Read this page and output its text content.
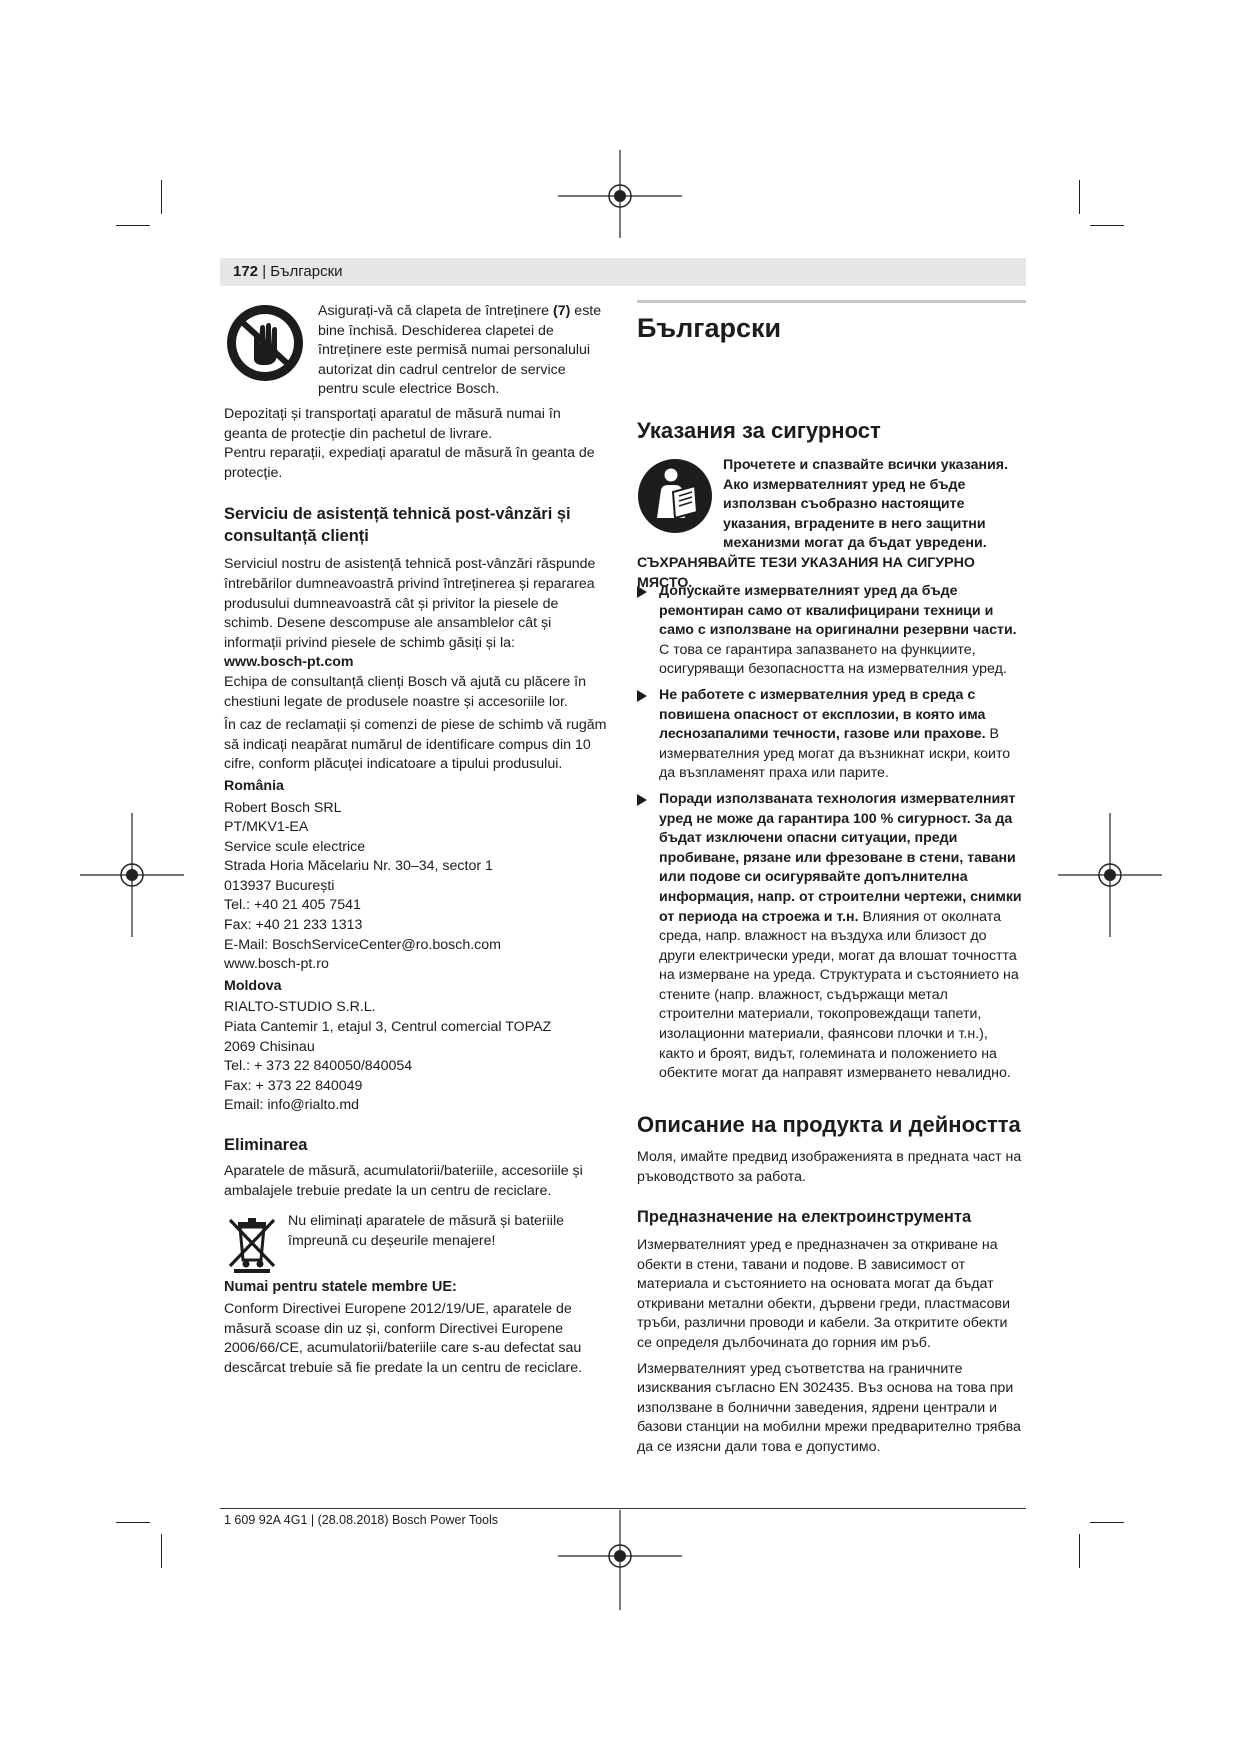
172 | Български
Asigurați-vă că clapeta de întreținere (7) este bine închisă. Deschiderea clapetei de întreținere este permisă numai personalului autorizat din cadrul centrelor de service pentru scule electrice Bosch.

Depozitați și transportați aparatul de măsură numai în geanta de protecție din pachetul de livrare.

Pentru reparații, expediați aparatul de măsură în geanta de protecție.

Serviciu de asistență tehnică post-vânzări și consultanță clienți

Serviciul nostru de asistență tehnică post-vânzări răspunde întrebărilor dumneavoastră privind întreținerea și repararea produsului dumneavoastră cât și privitor la piesele de schimb. Desene descompuse ale ansamblelor cât și informații privind piesele de schimb găsiți și la:

www.bosch-pt.com

Echipa de consultanță clienți Bosch vă ajută cu plăcere în chestiuni legate de produsele noastre și accesoriile lor.

În caz de reclamații și comenzi de piese de schimb vă rugăm să indicați neapărat numărul de identificare compus din 10 cifre, conform plăcuței indicatoare a tipului produsului.

România

Robert Bosch SRL

PT/MKV1-EA

Service scule electrice

Strada Horia Măcelariu Nr. 30–34, sector 1

013937 București

Tel.: +40 21 405 7541

Fax: +40 21 233 1313

E-Mail: BoschServiceCenter@ro.bosch.com

www.bosch-pt.ro

Moldova

RIALTO-STUDIO S.R.L.

Piata Cantemir 1, etajul 3, Centrul comercial TOPAZ

2069 Chisinau

Tel.: + 373 22 840050/840054

Fax: + 373 22 840049

Email: info@rialto.md

Eliminarea

Aparatele de măsură, acumulatorii/bateriile, accesoriile și ambalajele trebuie predate la un centru de reciclare.

Nu eliminați aparatele de măsură și bateriile împreună cu deșeurile menajere!
Numai pentru statele membre UE:
Conform Directivei Europene 2012/19/UE, aparatele de măsură scoase din uz și, conform Directivei Europene 2006/66/CE, acumulatorii/bateriile care s-au defectat sau descărcat trebuie să fie predate la un centru de reciclare.
Български
Указания за сигурност
Прочетете и спазвайте всички указания. Ако измервателният уред не бъде използван съобразно настоящите указания, вградените в него защитни механизми могат да бъдат увредени. СЪХРАНЯВАЙТЕ ТЕЗИ УКАЗАНИЯ НА СИГУРНО МЯСТО.
Допускайте измервателният уред да бъде ремонтиран само от квалифицирани техници и само с използване на оригинални резервни части. С това се гарантира запазването на функциите, осигуряващи безопасността на измервателния уред.
Не работете с измервателния уред в среда с повишена опасност от експлозии, в която има леснозапалими течности, газове или прахове. В измервателния уред могат да възникнат искри, които да възпламенят праха или парите.
Поради използваната технология измервателният уред не може да гарантира 100 % сигурност. За да бъдат изключени опасни ситуации, преди пробиване, рязане или фрезоване в стени, тавани или подове си осигурявайте допълнителна информация, напр. от строителни чертежи, снимки от периода на строежа и т.н. Влияния от околната среда, напр. влажност на въздуха или близост до други електрически уреди, могат да влошат точността на измерване на уреда. Структурата и състоянието на стените (напр. влажност, съдържащи метал строителни материали, токопровеждащи тапети, изолационни материали, фаянсови плочки и т.н.), както и броят, видът, големината и положението на обектите могат да направят измерването невалидно.
Описание на продукта и дейността
Моля, имайте предвид изображенията в предната част на ръководството за работа.
Предназначение на електроинструмента

Измервателният уред е предназначен за откриване на обекти в стени, тавани и подове. В зависимост от материала и състоянието на основата могат да бъдат откривани метални обекти, дървени греди, пластмасови тръби, различни проводи и кабели. За откритите обекти се определя дълбочината до горния им ръб.

Измервателният уред съответства на граничните изисквания съгласно EN 302435. Въз основа на това при използване в болнични заведения, ядрени централи и базови станции на мобилни мрежи предварително трябва да се изясни дали това е допустимо.

1 609 92A 4G1 | (28.08.2018) Bosch Power Tools
